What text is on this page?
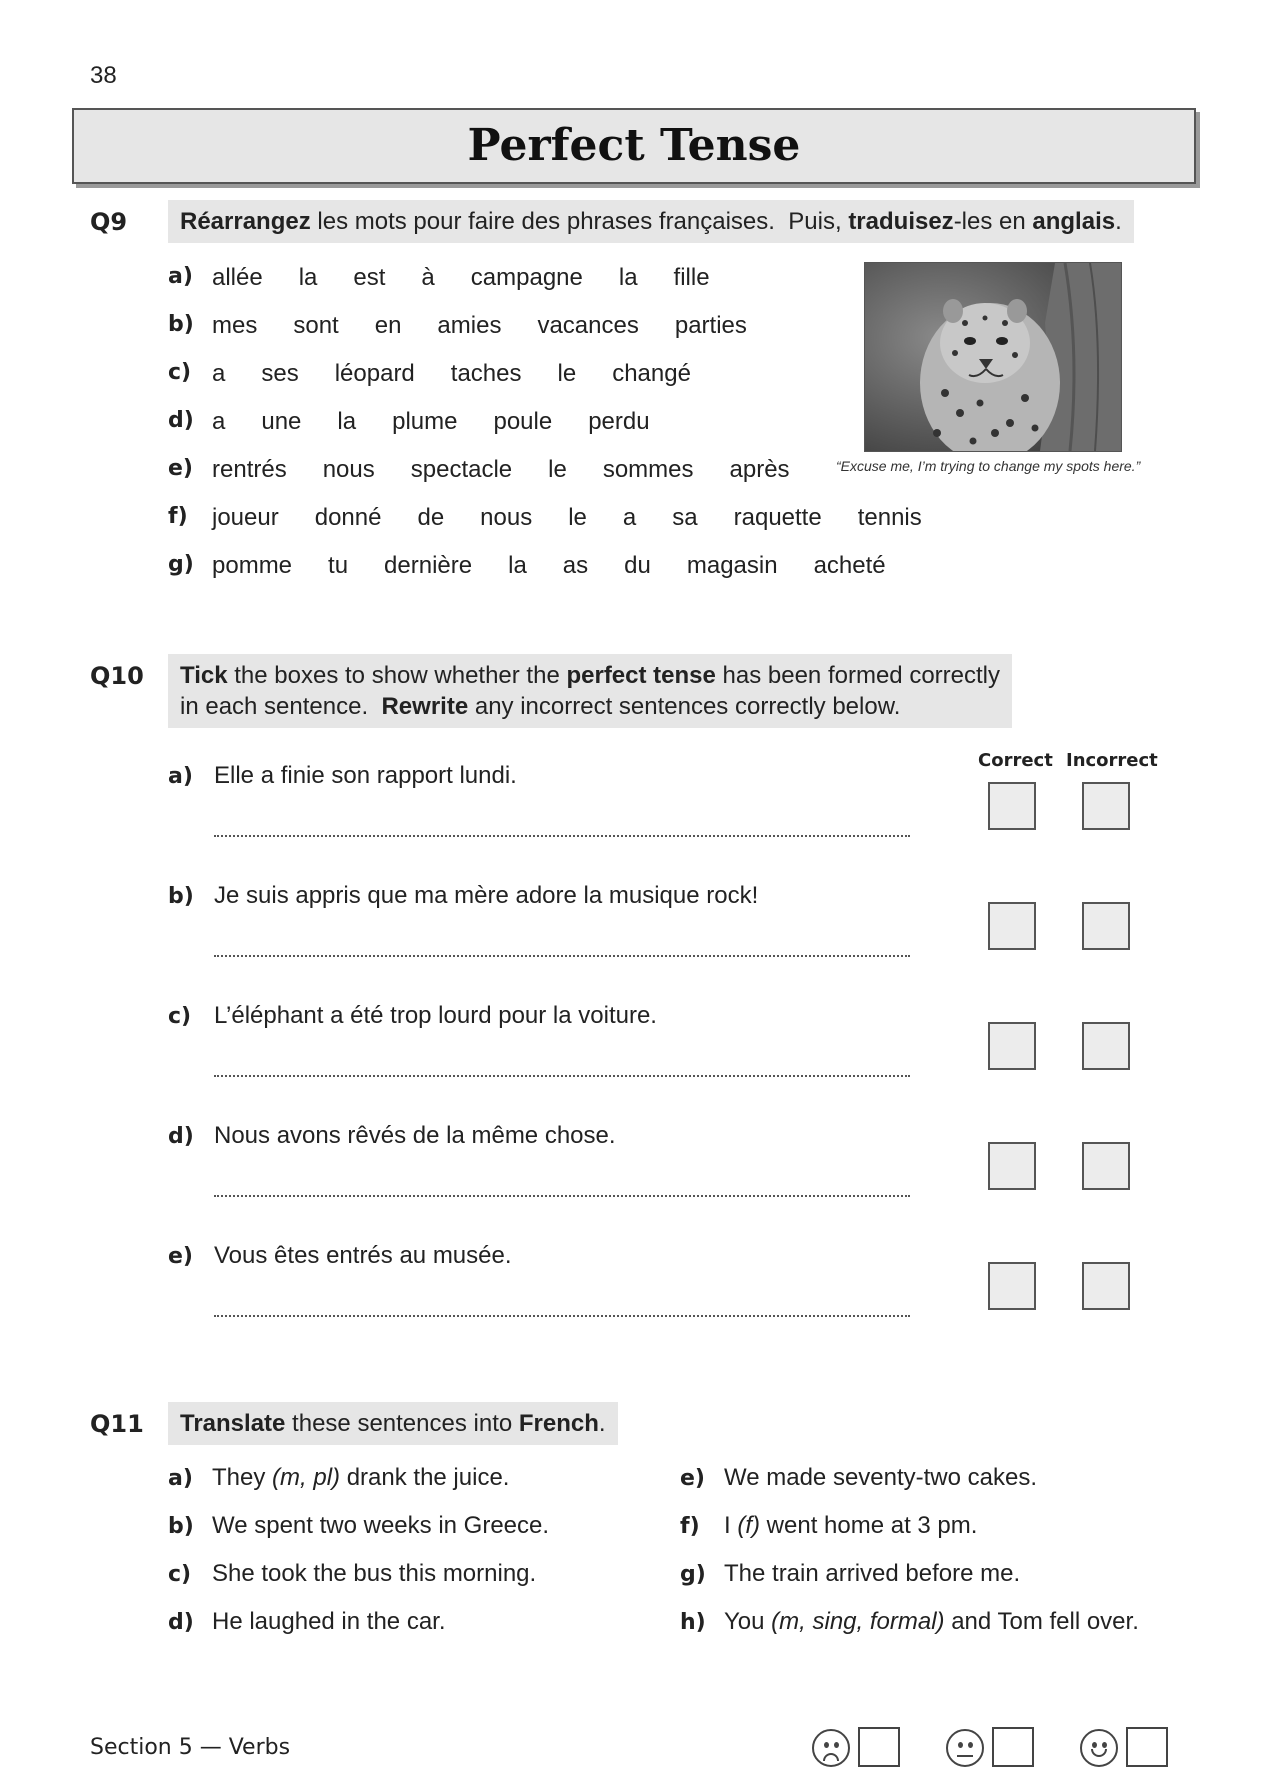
38
Perfect Tense
Q9	Réarrangez les mots pour faire des phrases françaises.  Puis, traduisez-les en anglais.
a) allée la est à campagne la fille
b) mes sont en amies vacances parties
c) a ses léopard taches le changé
d) a une la plume poule perdu
e) rentrés nous spectacle le sommes après
f) joueur donné de nous le a sa raquette tennis
g) pomme tu dernière la as du magasin acheté
“Excuse me, I’m trying to change my spots here.”
Q10 Tick the boxes to show whether the perfect tense has been formed correctly
in each sentence.  Rewrite any incorrect sentences correctly below.
Correct Incorrect
a) Elle a finie son rapport lundi.
b) Je suis appris que ma mère adore la musique rock!
c) L’éléphant a été trop lourd pour la voiture.
d) Nous avons rêvés de la même chose.
e) Vous êtes entrés au musée.
Q11	Translate these sentences into French.
a) They (m, pl) drank the juice.
b) We spent two weeks in Greece.
c) She took the bus this morning.
d) He laughed in the car.
e) We made seventy-two cakes.
f) I (f) went home at 3 pm.
g) The train arrived before me.
h) You (m, sing, formal) and Tom fell over.
Section 5 — Verbs
